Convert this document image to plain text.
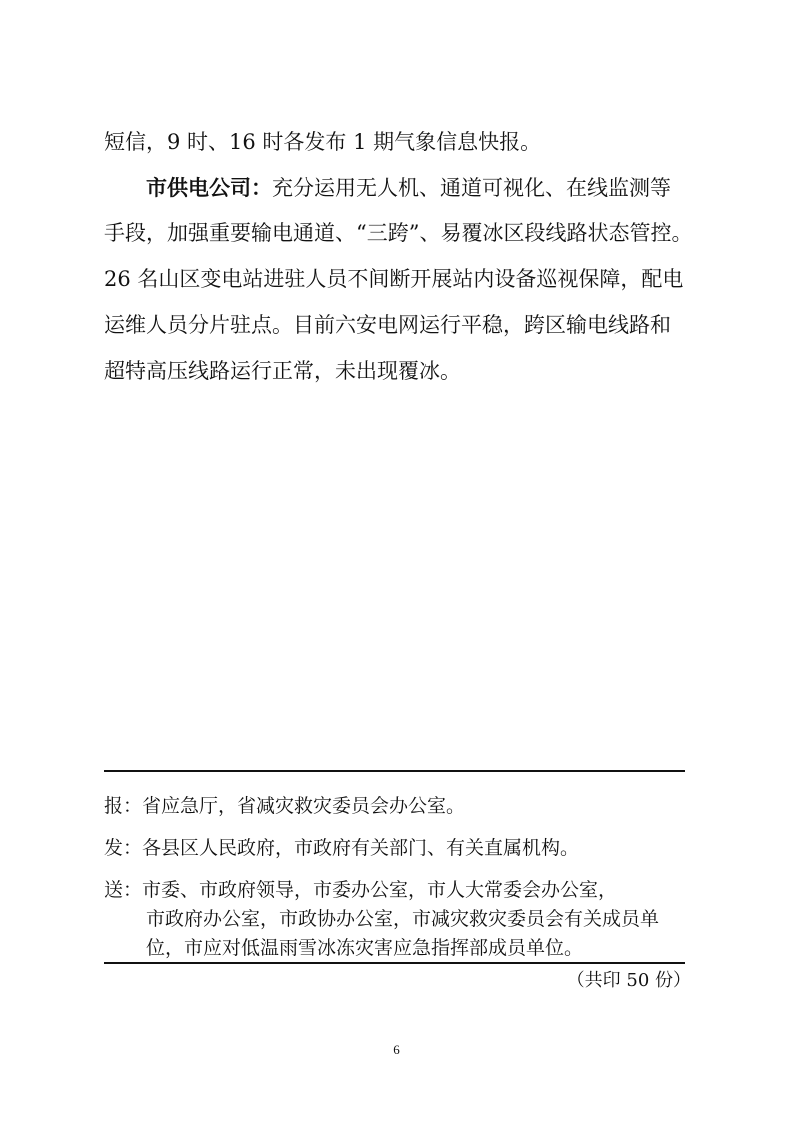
短信，9 时、16 时各发布 1 期气象信息快报。
市供电公司：充分运用无人机、通道可视化、在线监测等
手段，加强重要输电通道、“三跨”、易覆冰区段线路状态管控。
26 名山区变电站进驻人员不间断开展站内设备巡视保障，配电
运维人员分片驻点。目前六安电网运行平稳，跨区输电线路和
超特高压线路运行正常，未出现覆冰。
报：省应急厅，省减灾救灾委员会办公室。
发：各县区人民政府，市政府有关部门、有关直属机构。
送：市委、市政府领导，市委办公室，市人大常委会办公室，
市政府办公室，市政协办公室，市减灾救灾委员会有关成员单
位，市应对低温雨雪冰冻灾害应急指挥部成员单位。
（共印 50 份）
6
